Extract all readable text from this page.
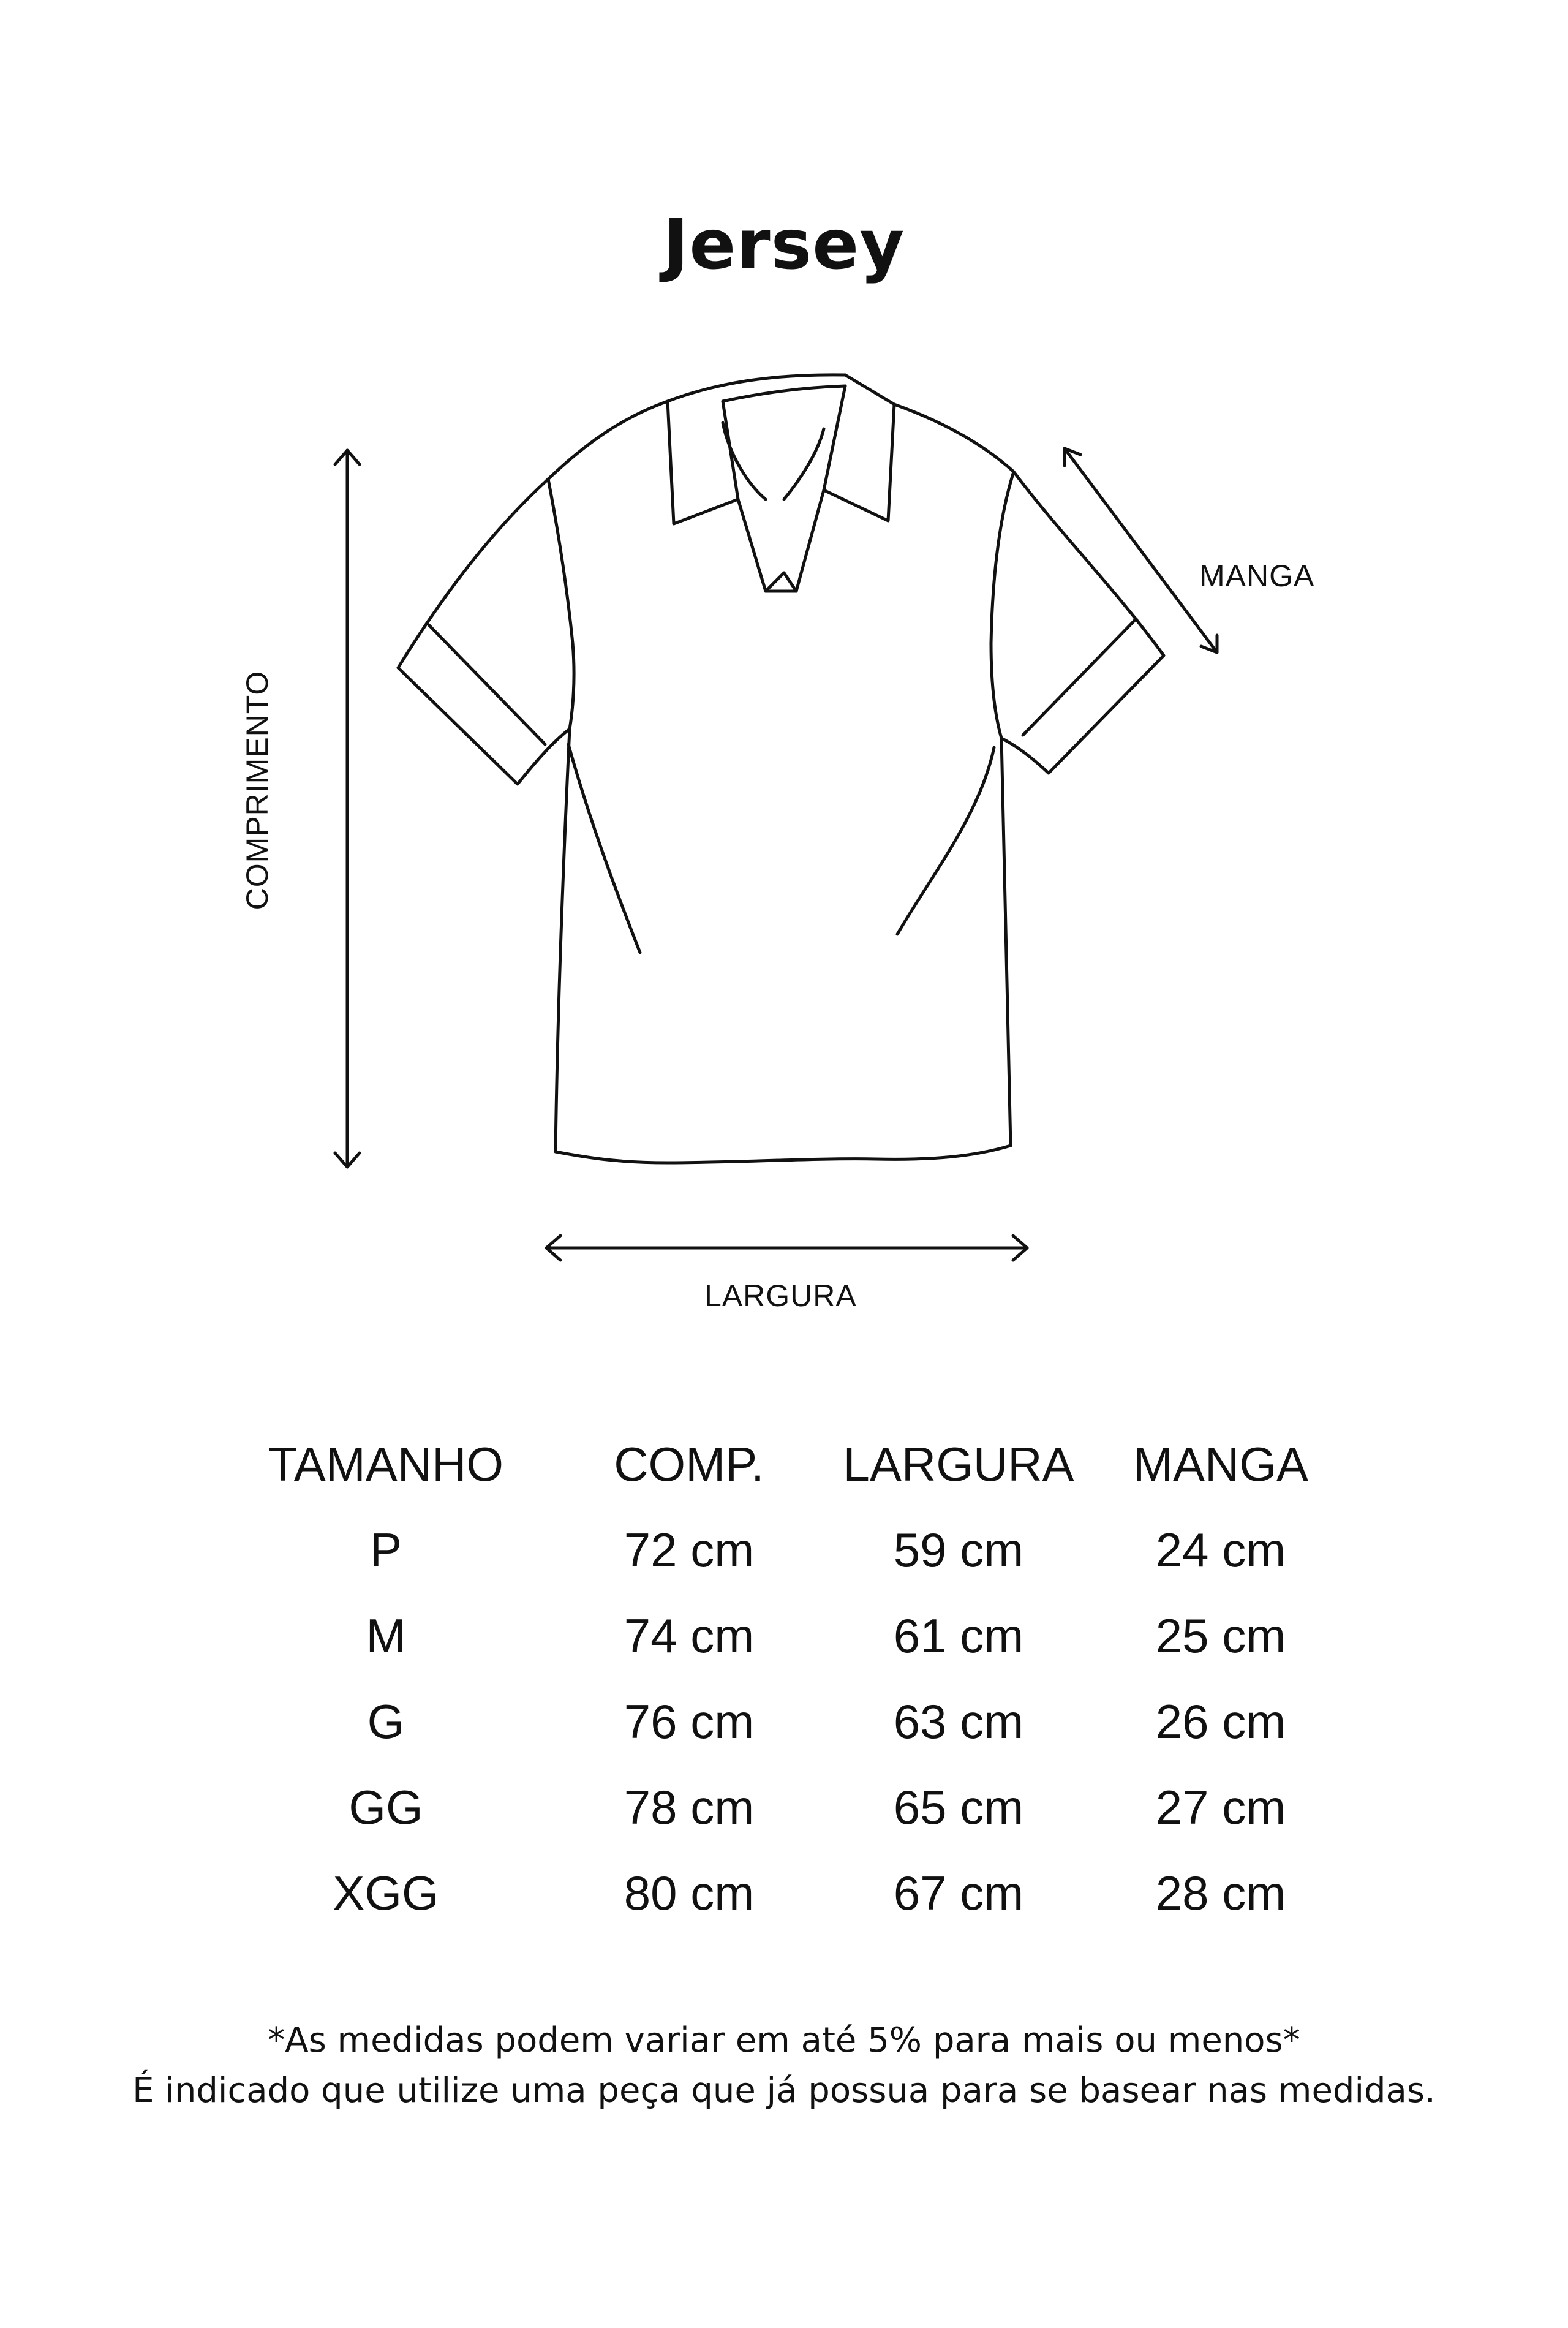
Jersey
COMPRIMENTO
MANGA
LARGURA
TAMANHO	COMP.	LARGURA	MANGA
P	72 cm	59 cm	24 cm
M	74 cm	61 cm	25 cm
G	76 cm	63 cm	26 cm
GG	78 cm	65 cm	27 cm
XGG	80 cm	67 cm	28 cm
*As medidas podem variar em até 5% para mais ou menos*
É indicado que utilize uma peça que já possua para se basear nas medidas.
